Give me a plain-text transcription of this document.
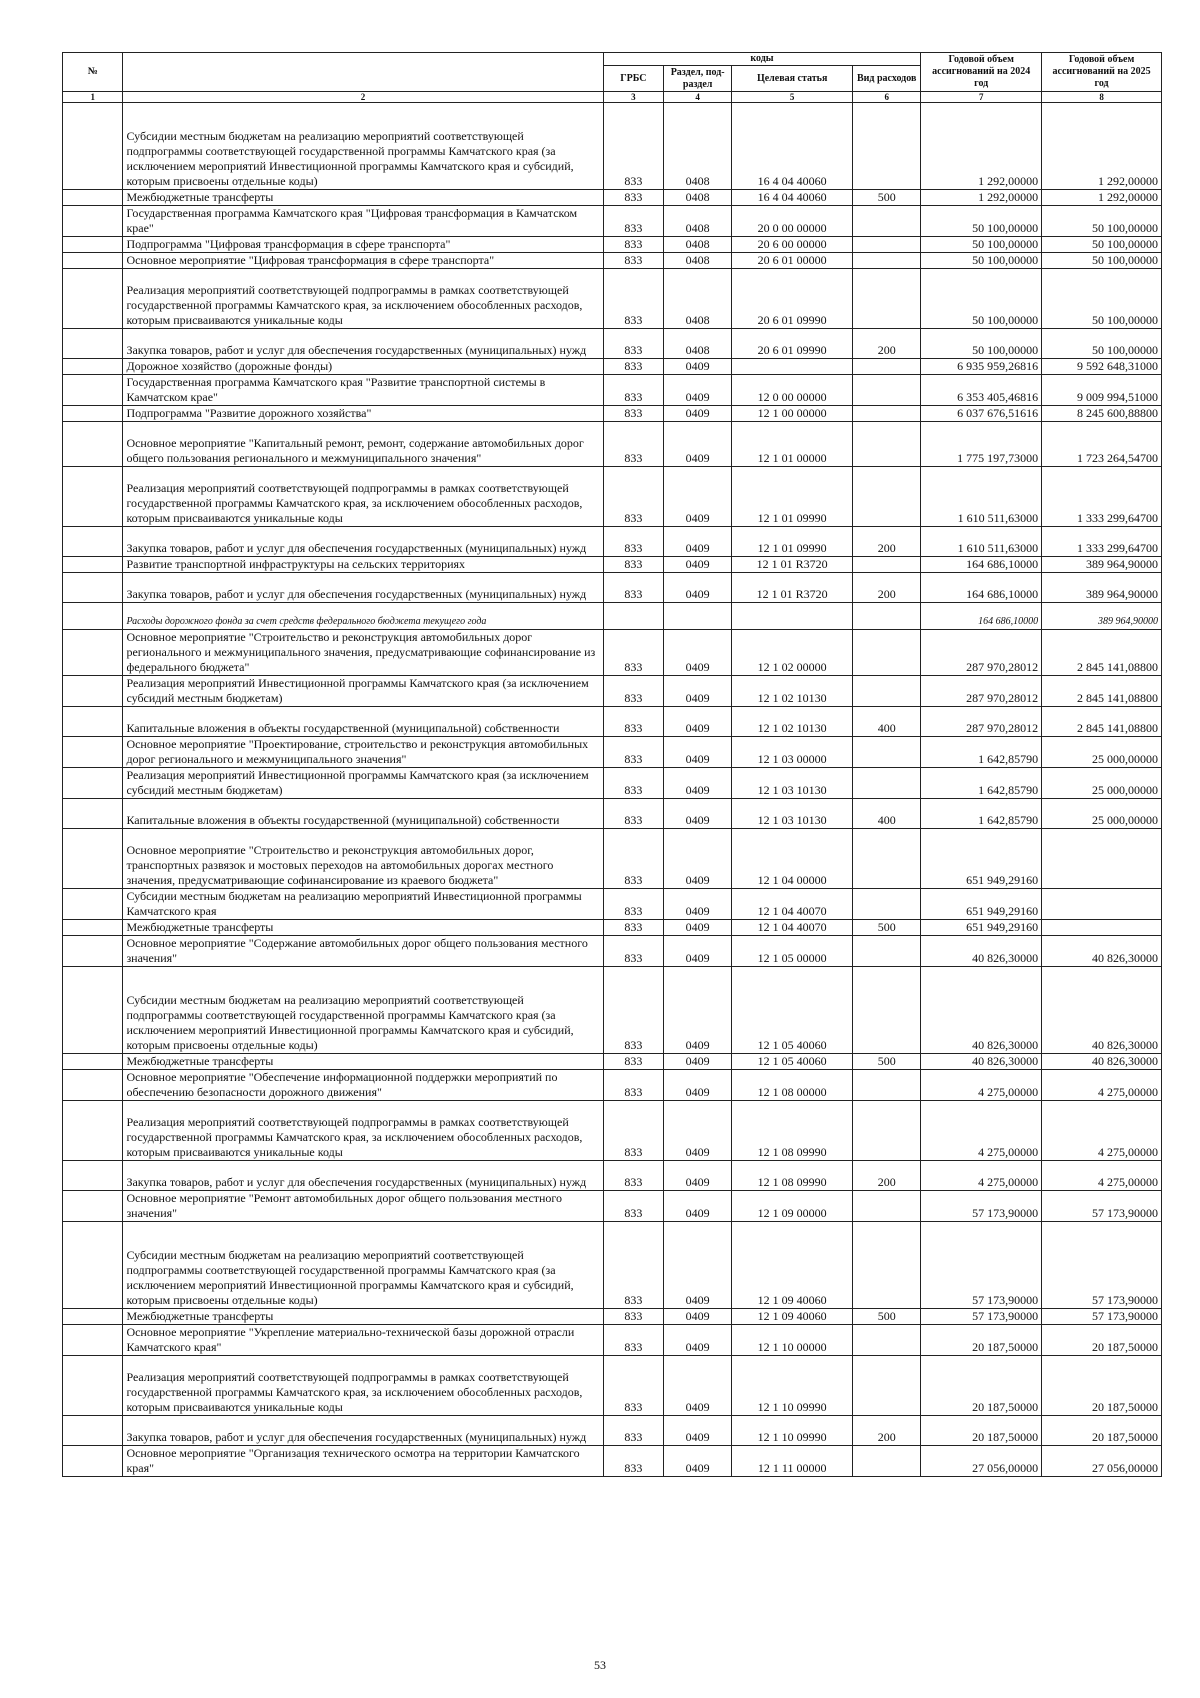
№		коды				Годовой объем ассигнований на 2024 год	Годовой объем ассигнований на 2025 год
		ГРБС	Раздел, под-раздел	Целевая статья	Вид расходов		
1	2	3	4	5	6	7	8
	Субсидии местным бюджетам на реализацию мероприятий соответствующей подпрограммы соответствующей государственной программы Камчатского края (за исключением мероприятий Инвестиционной программы Камчатского края и субсидий, которым присвоены отдельные коды)	833	0408	16 4 04 40060		1 292,00000	1 292,00000
	Межбюджетные трансферты	833	0408	16 4 04 40060	500	1 292,00000	1 292,00000
	Государственная программа Камчатского края "Цифровая трансформация в Камчатском крае"	833	0408	20 0 00 00000		50 100,00000	50 100,00000
	Подпрограмма "Цифровая трансформация в сфере транспорта"	833	0408	20 6 00 00000		50 100,00000	50 100,00000
	Основное мероприятие "Цифровая трансформация в сфере транспорта"	833	0408	20 6 01 00000		50 100,00000	50 100,00000
	Реализация мероприятий соответствующей подпрограммы в рамках соответствующей государственной программы Камчатского края, за исключением обособленных расходов, которым присваиваются уникальные коды	833	0408	20 6 01 09990		50 100,00000	50 100,00000
	Закупка товаров, работ и услуг для обеспечения государственных (муниципальных) нужд	833	0408	20 6 01 09990	200	50 100,00000	50 100,00000
	Дорожное хозяйство (дорожные фонды)	833	0409			6 935 959,26816	9 592 648,31000
	Государственная программа Камчатского края "Развитие транспортной системы в Камчатском крае"	833	0409	12 0 00 00000		6 353 405,46816	9 009 994,51000
	Подпрограмма "Развитие дорожного хозяйства"	833	0409	12 1 00 00000		6 037 676,51616	8 245 600,88800
	Основное мероприятие "Капитальный ремонт, ремонт, содержание автомобильных дорог общего пользования регионального и межмуниципального значения"	833	0409	12 1 01 00000		1 775 197,73000	1 723 264,54700
	Реализация мероприятий соответствующей подпрограммы в рамках соответствующей государственной программы Камчатского края, за исключением обособленных расходов, которым присваиваются уникальные коды	833	0409	12 1 01 09990		1 610 511,63000	1 333 299,64700
	Закупка товаров, работ и услуг для обеспечения государственных (муниципальных) нужд	833	0409	12 1 01 09990	200	1 610 511,63000	1 333 299,64700
	Развитие транспортной инфраструктуры на сельских территориях	833	0409	12 1 01 R3720		164 686,10000	389 964,90000
	Закупка товаров, работ и услуг для обеспечения государственных (муниципальных) нужд	833	0409	12 1 01 R3720	200	164 686,10000	389 964,90000
	Расходы дорожного фонда за счет средств федерального бюджета текущего года					164 686,10000	389 964,90000
	Основное мероприятие "Строительство и реконструкция автомобильных дорог регионального и межмуниципального значения, предусматривающие софинансирование из федерального бюджета"	833	0409	12 1 02 00000		287 970,28012	2 845 141,08800
	Реализация мероприятий Инвестиционной программы Камчатского края (за исключением субсидий местным бюджетам)	833	0409	12 1 02 10130		287 970,28012	2 845 141,08800
	Капитальные вложения в объекты государственной (муниципальной) собственности	833	0409	12 1 02 10130	400	287 970,28012	2 845 141,08800
	Основное мероприятие "Проектирование, строительство и реконструкция автомобильных дорог регионального и межмуниципального значения"	833	0409	12 1 03 00000		1 642,85790	25 000,00000
	Реализация мероприятий Инвестиционной программы Камчатского края (за исключением субсидий местным бюджетам)	833	0409	12 1 03 10130		1 642,85790	25 000,00000
	Капитальные вложения в объекты государственной (муниципальной) собственности	833	0409	12 1 03 10130	400	1 642,85790	25 000,00000
	Основное мероприятие "Строительство и реконструкция автомобильных дорог, транспортных развязок и мостовых переходов на автомобильных дорогах местного значения, предусматривающие софинансирование из краевого бюджета"	833	0409	12 1 04 00000		651 949,29160	
	Субсидии местным бюджетам на реализацию мероприятий Инвестиционной программы Камчатского края	833	0409	12 1 04 40070		651 949,29160	
	Межбюджетные трансферты	833	0409	12 1 04 40070	500	651 949,29160	
	Основное мероприятие "Содержание автомобильных дорог общего пользования местного значения"	833	0409	12 1 05 00000		40 826,30000	40 826,30000
	Субсидии местным бюджетам на реализацию мероприятий соответствующей подпрограммы соответствующей государственной программы Камчатского края (за исключением мероприятий Инвестиционной программы Камчатского края и субсидий, которым присвоены отдельные коды)	833	0409	12 1 05 40060		40 826,30000	40 826,30000
	Межбюджетные трансферты	833	0409	12 1 05 40060	500	40 826,30000	40 826,30000
	Основное мероприятие "Обеспечение информационной поддержки мероприятий по обеспечению безопасности дорожного движения"	833	0409	12 1 08 00000		4 275,00000	4 275,00000
	Реализация мероприятий соответствующей подпрограммы в рамках соответствующей государственной программы Камчатского края, за исключением обособленных расходов, которым присваиваются уникальные коды	833	0409	12 1 08 09990		4 275,00000	4 275,00000
	Закупка товаров, работ и услуг для обеспечения государственных (муниципальных) нужд	833	0409	12 1 08 09990	200	4 275,00000	4 275,00000
	Основное мероприятие "Ремонт автомобильных дорог общего пользования местного значения"	833	0409	12 1 09 00000		57 173,90000	57 173,90000
	Субсидии местным бюджетам на реализацию мероприятий соответствующей подпрограммы соответствующей государственной программы Камчатского края (за исключением мероприятий Инвестиционной программы Камчатского края и субсидий, которым присвоены отдельные коды)	833	0409	12 1 09 40060		57 173,90000	57 173,90000
	Межбюджетные трансферты	833	0409	12 1 09 40060	500	57 173,90000	57 173,90000
	Основное мероприятие "Укрепление материально-технической базы дорожной отрасли Камчатского края"	833	0409	12 1 10 00000		20 187,50000	20 187,50000
	Реализация мероприятий соответствующей подпрограммы в рамках соответствующей государственной программы Камчатского края, за исключением обособленных расходов, которым присваиваются уникальные коды	833	0409	12 1 10 09990		20 187,50000	20 187,50000
	Закупка товаров, работ и услуг для обеспечения государственных (муниципальных) нужд	833	0409	12 1 10 09990	200	20 187,50000	20 187,50000
	Основное мероприятие "Организация технического осмотра на территории Камчатского края"	833	0409	12 1 11 00000		27 056,00000	27 056,00000
53
